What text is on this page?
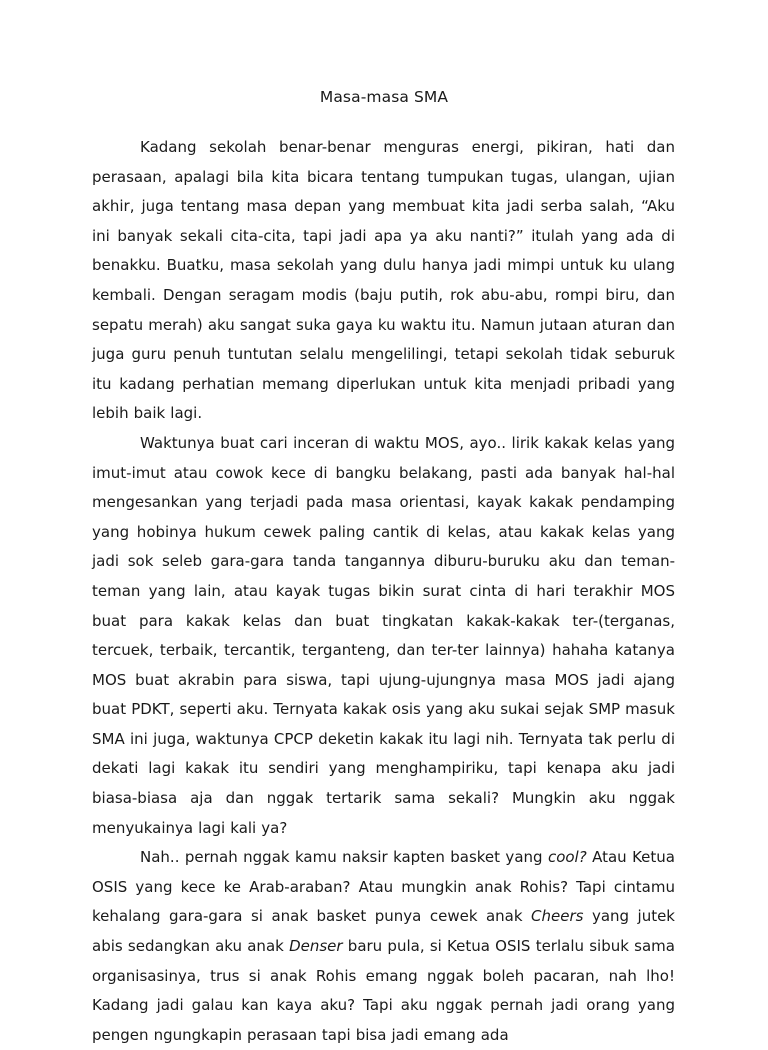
Masa-masa SMA

Kadang sekolah benar-benar menguras energi, pikiran, hati dan perasaan, apalagi bila kita bicara tentang tumpukan tugas, ulangan, ujian akhir, juga tentang masa depan yang membuat kita jadi serba salah, “Aku ini banyak sekali cita-cita, tapi jadi apa ya aku nanti?” itulah yang ada di benakku. Buatku, masa sekolah yang dulu hanya jadi mimpi untuk ku ulang kembali. Dengan seragam modis (baju putih, rok abu-abu, rompi biru, dan sepatu merah) aku sangat suka gaya ku waktu itu. Namun jutaan aturan dan juga guru penuh tuntutan selalu mengelilingi, tetapi sekolah tidak seburuk itu kadang perhatian memang diperlukan untuk kita menjadi pribadi yang lebih baik lagi.

Waktunya buat cari inceran di waktu MOS, ayo.. lirik kakak kelas yang imut-imut atau cowok kece di bangku belakang, pasti ada banyak hal-hal mengesankan yang terjadi pada masa orientasi, kayak kakak pendamping yang hobinya hukum cewek paling cantik di kelas, atau kakak kelas yang jadi sok seleb gara-gara tanda tangannya diburu-buruku aku dan teman-teman yang lain, atau kayak tugas bikin surat cinta di hari terakhir MOS buat para kakak kelas dan buat tingkatan kakak-kakak ter-(terganas, tercuek, terbaik, tercantik, terganteng, dan ter-ter lainnya) hahaha katanya MOS buat akrabin para siswa, tapi ujung-ujungnya masa MOS jadi ajang buat PDKT, seperti aku. Ternyata kakak osis yang aku sukai sejak SMP masuk SMA ini juga, waktunya CPCP deketin kakak itu lagi nih. Ternyata tak perlu di dekati lagi kakak itu sendiri yang menghampiriku, tapi kenapa aku jadi biasa-biasa aja dan nggak tertarik sama sekali? Mungkin aku nggak menyukainya lagi kali ya?

Nah.. pernah nggak kamu naksir kapten basket yang cool? Atau Ketua OSIS yang kece ke Arab-araban? Atau mungkin anak Rohis? Tapi cintamu kehalang gara-gara si anak basket punya cewek anak Cheers yang jutek abis sedangkan aku anak Denser baru pula, si Ketua OSIS terlalu sibuk sama organisasinya, trus si anak Rohis emang nggak boleh pacaran, nah lho! Kadang jadi galau kan kaya aku? Tapi aku nggak pernah jadi orang yang pengen ngungkapin perasaan tapi bisa jadi emang ada
